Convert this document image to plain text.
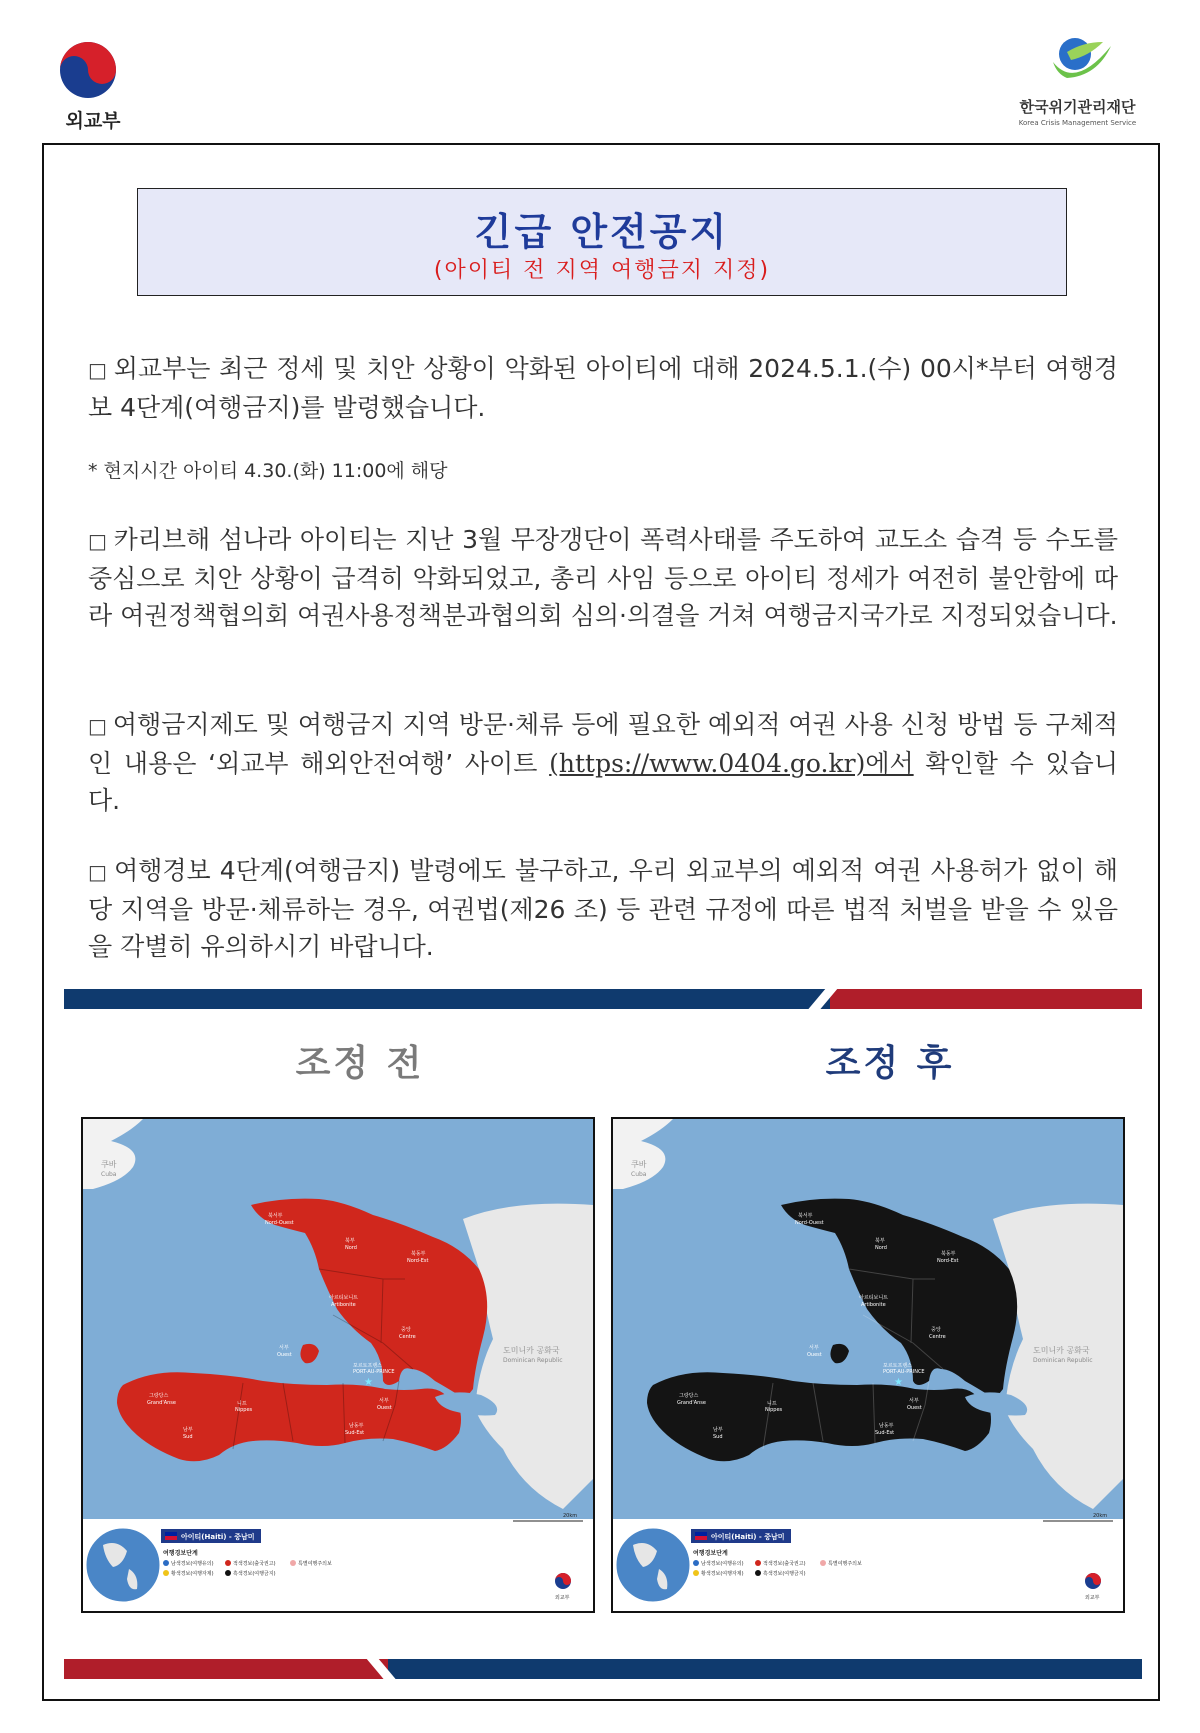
외교부
한국위기관리재단
Korea Crisis Management Service
긴급 안전공지
(아이티 전 지역 여행금지 지정)
□ 외교부는 최근 정세 및 치안 상황이 악화된 아이티에 대해 2024.5.1.(수) 00시*부터 여행경보 4단계(여행금지)를 발령했습니다.
* 현지시간 아이티 4.30.(화) 11:00에 해당
□ 카리브해 섬나라 아이티는 지난 3월 무장갱단이 폭력사태를 주도하여 교도소 습격 등 수도를 중심으로 치안 상황이 급격히 악화되었고, 총리 사임 등으로 아이티 정세가 여전히 불안함에 따라 여권정책협의회 여권사용정책분과협의회 심의·의결을 거쳐 여행금지국가로 지정되었습니다.
□ 여행금지제도 및 여행금지 지역 방문·체류 등에 필요한 예외적 여권 사용 신청 방법 등 구체적인 내용은 ‘외교부 해외안전여행’ 사이트 (https://www.0404.go.kr)에서 확인할 수 있습니다.
□ 여행경보 4단계(여행금지) 발령에도 불구하고, 우리 외교부의 예외적 여권 사용허가 없이 해당 지역을 방문·체류하는 경우, 여권법(제26 조) 등 관련 규정에 따른 법적 처벌을 받을 수 있음을 각별히 유의하시기 바랍니다.
조정 전	조정 후
쿠바
Cuba
도미니카 공화국
Dominican Republic
북서부
Nord-Ouest
북부
Nord
북동부
Nord-Est
아르티보니트
Artibonite
중앙
Centre
서부
Ouest
포르토프랭스
PORT-AU-PRINCE
그랑당스
Grand'Anse	니프
Nippes
서부
Ouest
남부
Sud
남동부
Sud-Est
★
아이티(Haiti) - 중남미
여행경보단계
남색경보(여행유의)	적색경보(출국권고)	특별여행주의보
황색경보(여행자제)	흑색경보(여행금지)
20km
외교부
쿠바
Cuba
도미니카 공화국
Dominican Republic
북서부
Nord-Ouest
북부
Nord
북동부
Nord-Est
아르티보니트
Artibonite
중앙
Centre
서부
Ouest
포르토프랭스
PORT-AU-PRINCE
그랑당스
Grand'Anse	니프
Nippes
서부
Ouest
남부
Sud
남동부
Sud-Est
★
아이티(Haiti) - 중남미
여행경보단계
남색경보(여행유의)	적색경보(출국권고)	특별여행주의보
황색경보(여행자제)	흑색경보(여행금지)
20km
외교부
